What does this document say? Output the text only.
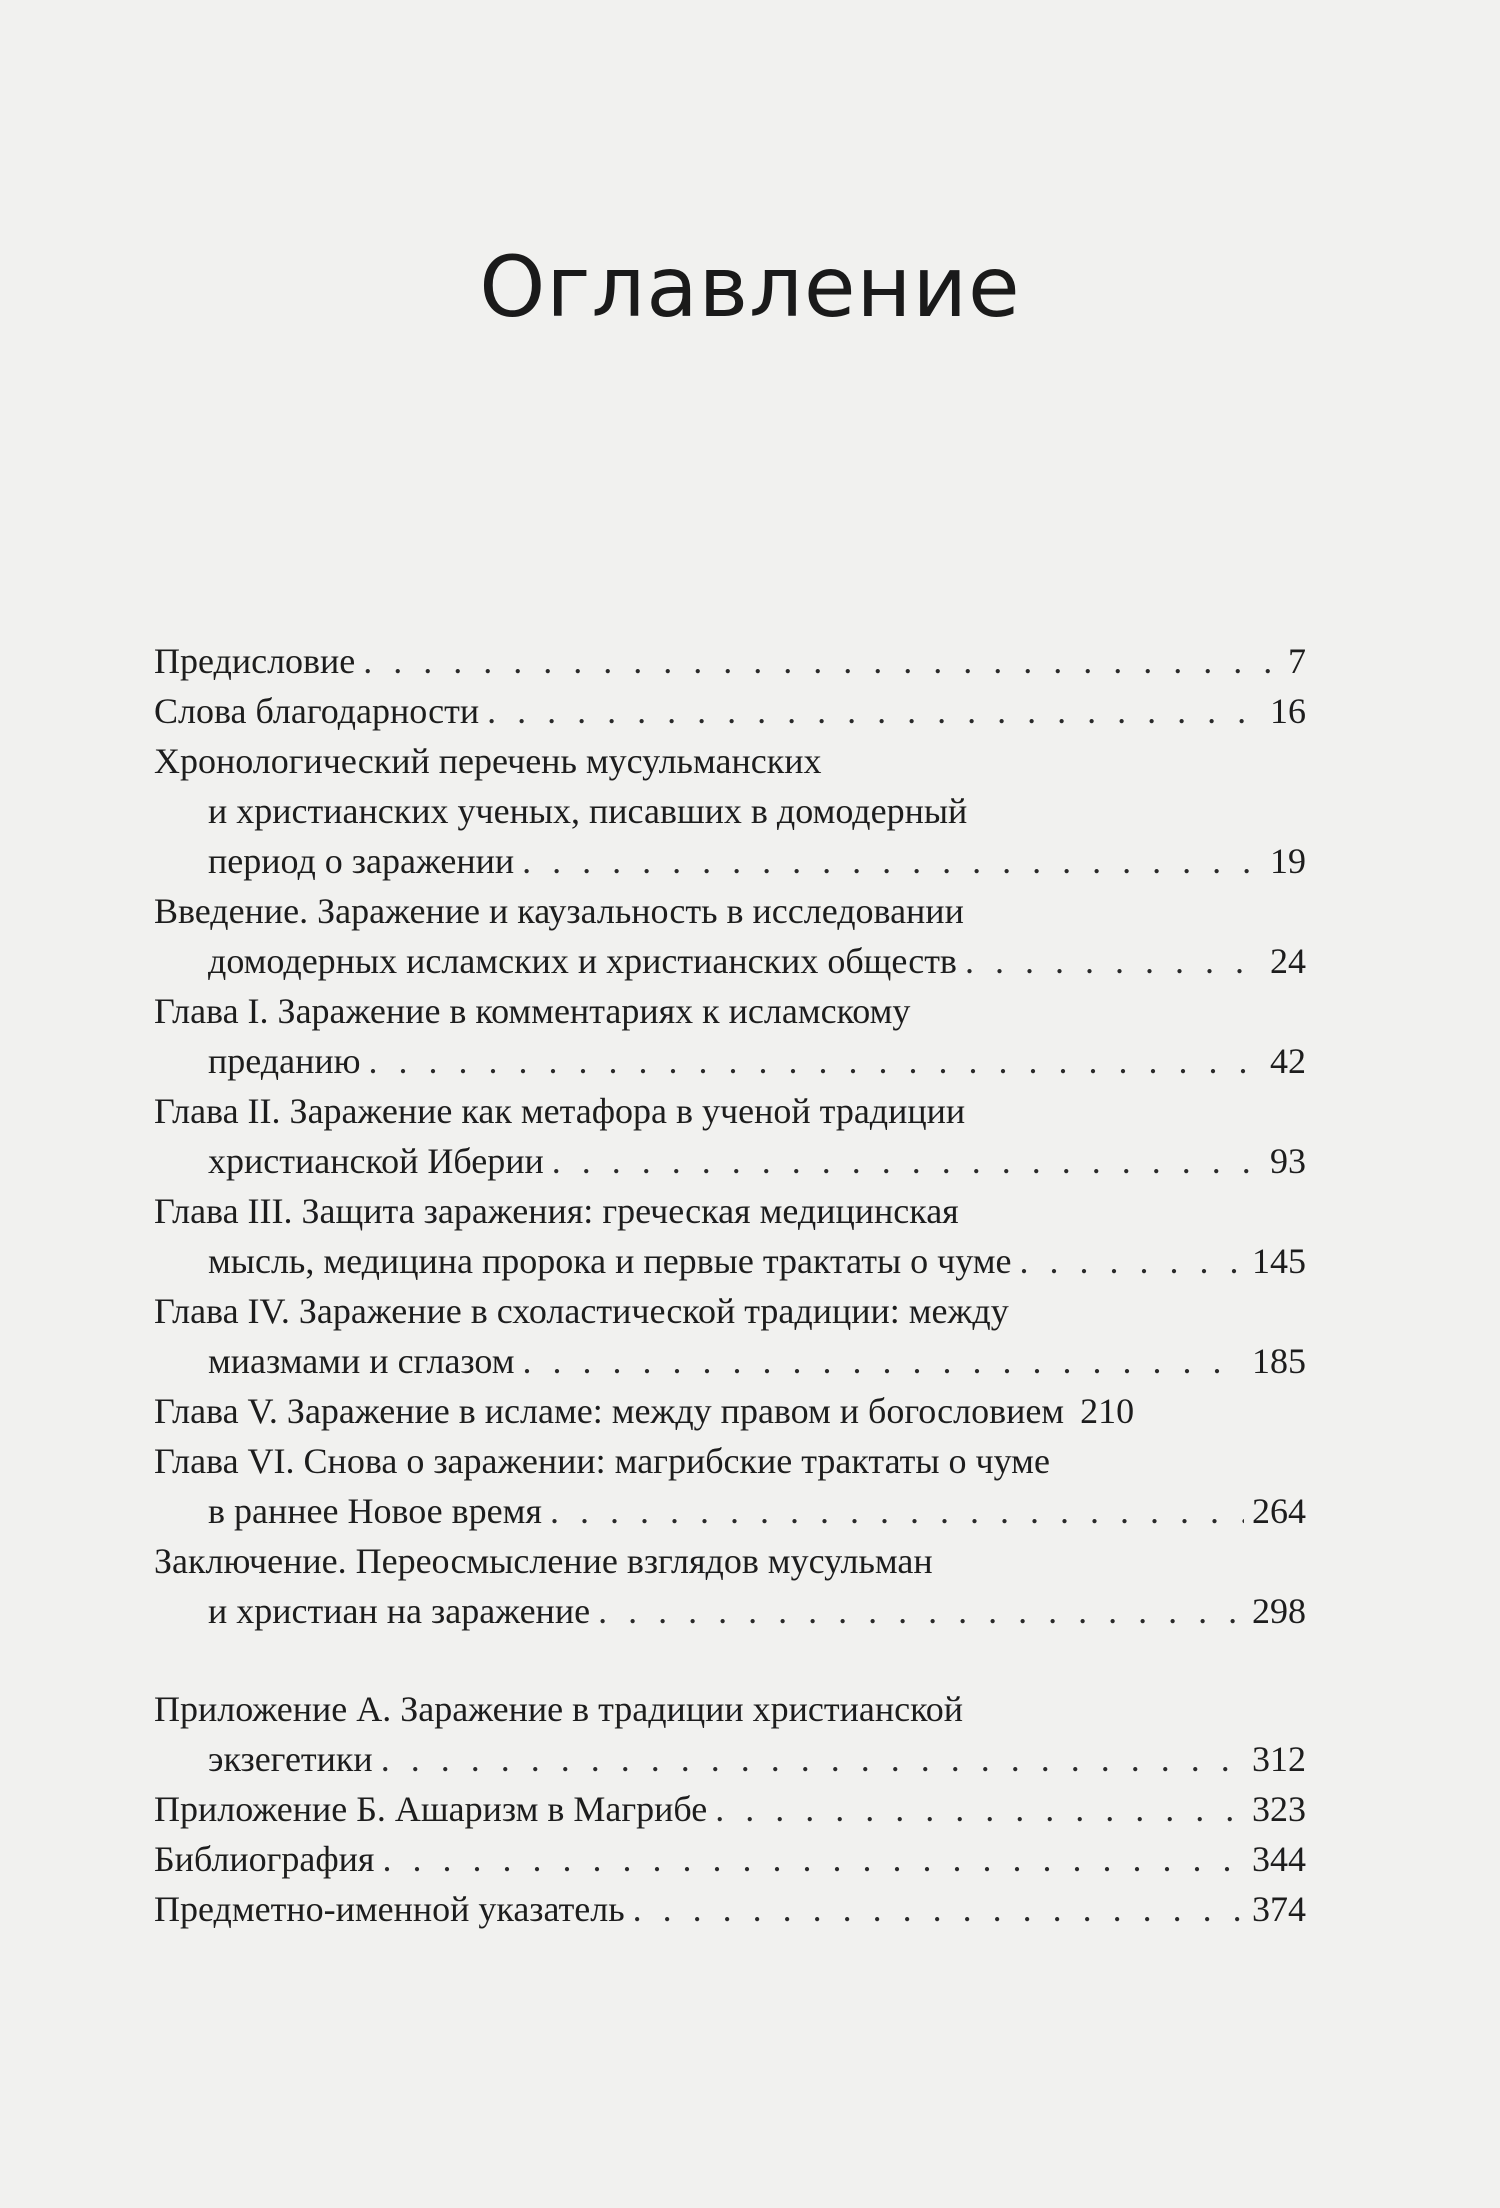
Оглавление
Предисловие . . .	7
Слова благодарности . . .	16
Хронологический перечень мусульманских
и христианских ученых, писавших в домодерный
период о заражении . . .	19
Введение. Заражение и каузальность в исследовании
домодерных исламских и христианских обществ . . .	24
Глава I. Заражение в комментариях к исламскому
преданию . . .	42
Глава II. Заражение как метафора в ученой традиции
христианской Иберии . . .	93
Глава III. Защита заражения: греческая медицинская
мысль, медицина пророка и первые трактаты о чуме . . .	145
Глава IV. Заражение в схоластической традиции: между
миазмами и сглазом . . .	185
Глава V. Заражение в исламе: между правом и богословием 210
Глава VI. Снова о заражении: магрибские трактаты о чуме
в раннее Новое время . . .	264
Заключение. Переосмысление взглядов мусульман
и христиан на заражение . . .	298
Приложение А. Заражение в традиции христианской
экзегетики . . .	312
Приложение Б. Ашаризм в Магрибе . . .	323
Библиография . . .	344
Предметно-именной указатель . . .	374
